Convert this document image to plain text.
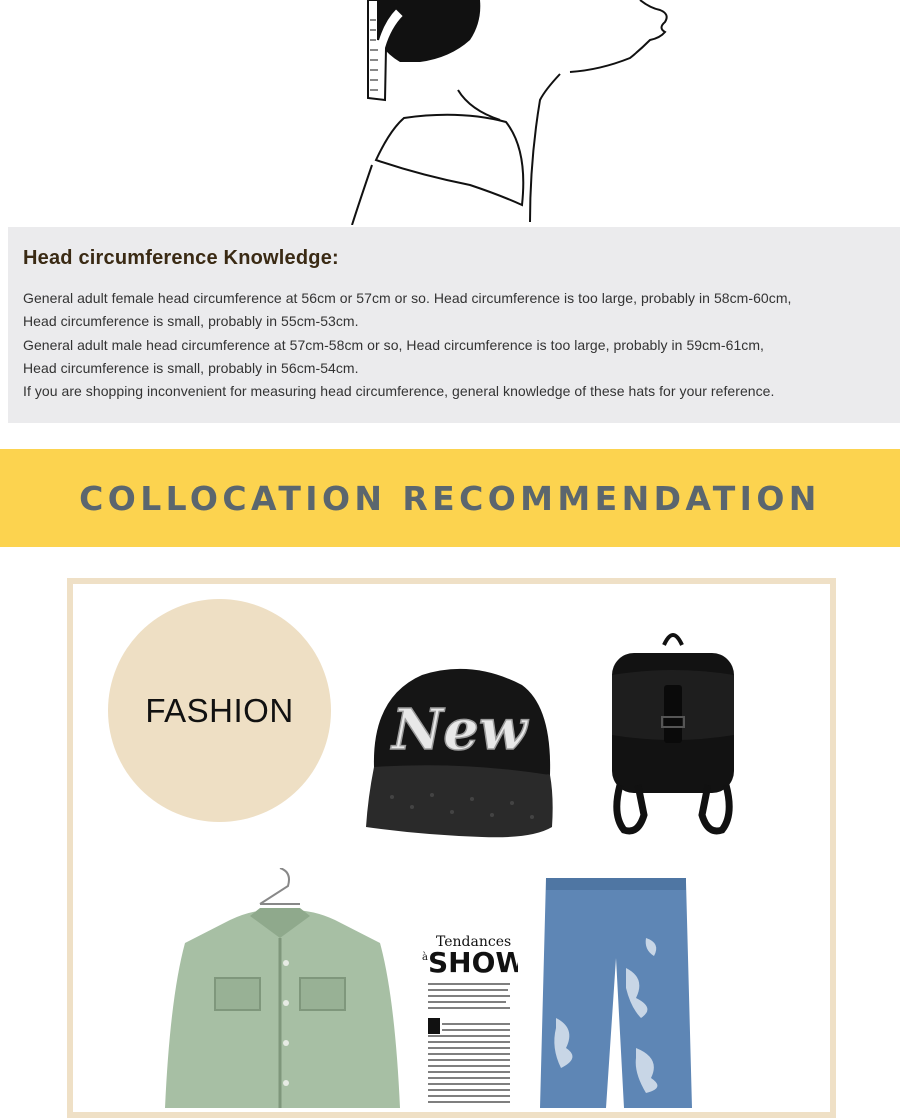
Head circumference Knowledge:

General adult female head circumference at 56cm or 57cm or so. Head circumference is too large, probably in 58cm-60cm,

Head circumference is small, probably in 55cm-53cm.

General adult male head circumference at 57cm-58cm or so, Head circumference is too large, probably in 59cm-61cm,

Head circumference is small, probably in 56cm-54cm.

If you are shopping inconvenient for measuring head circumference, general knowledge of these hats for your reference.

COLLOCATION RECOMMENDATION
FASHION New
Tendances
à SHOW
